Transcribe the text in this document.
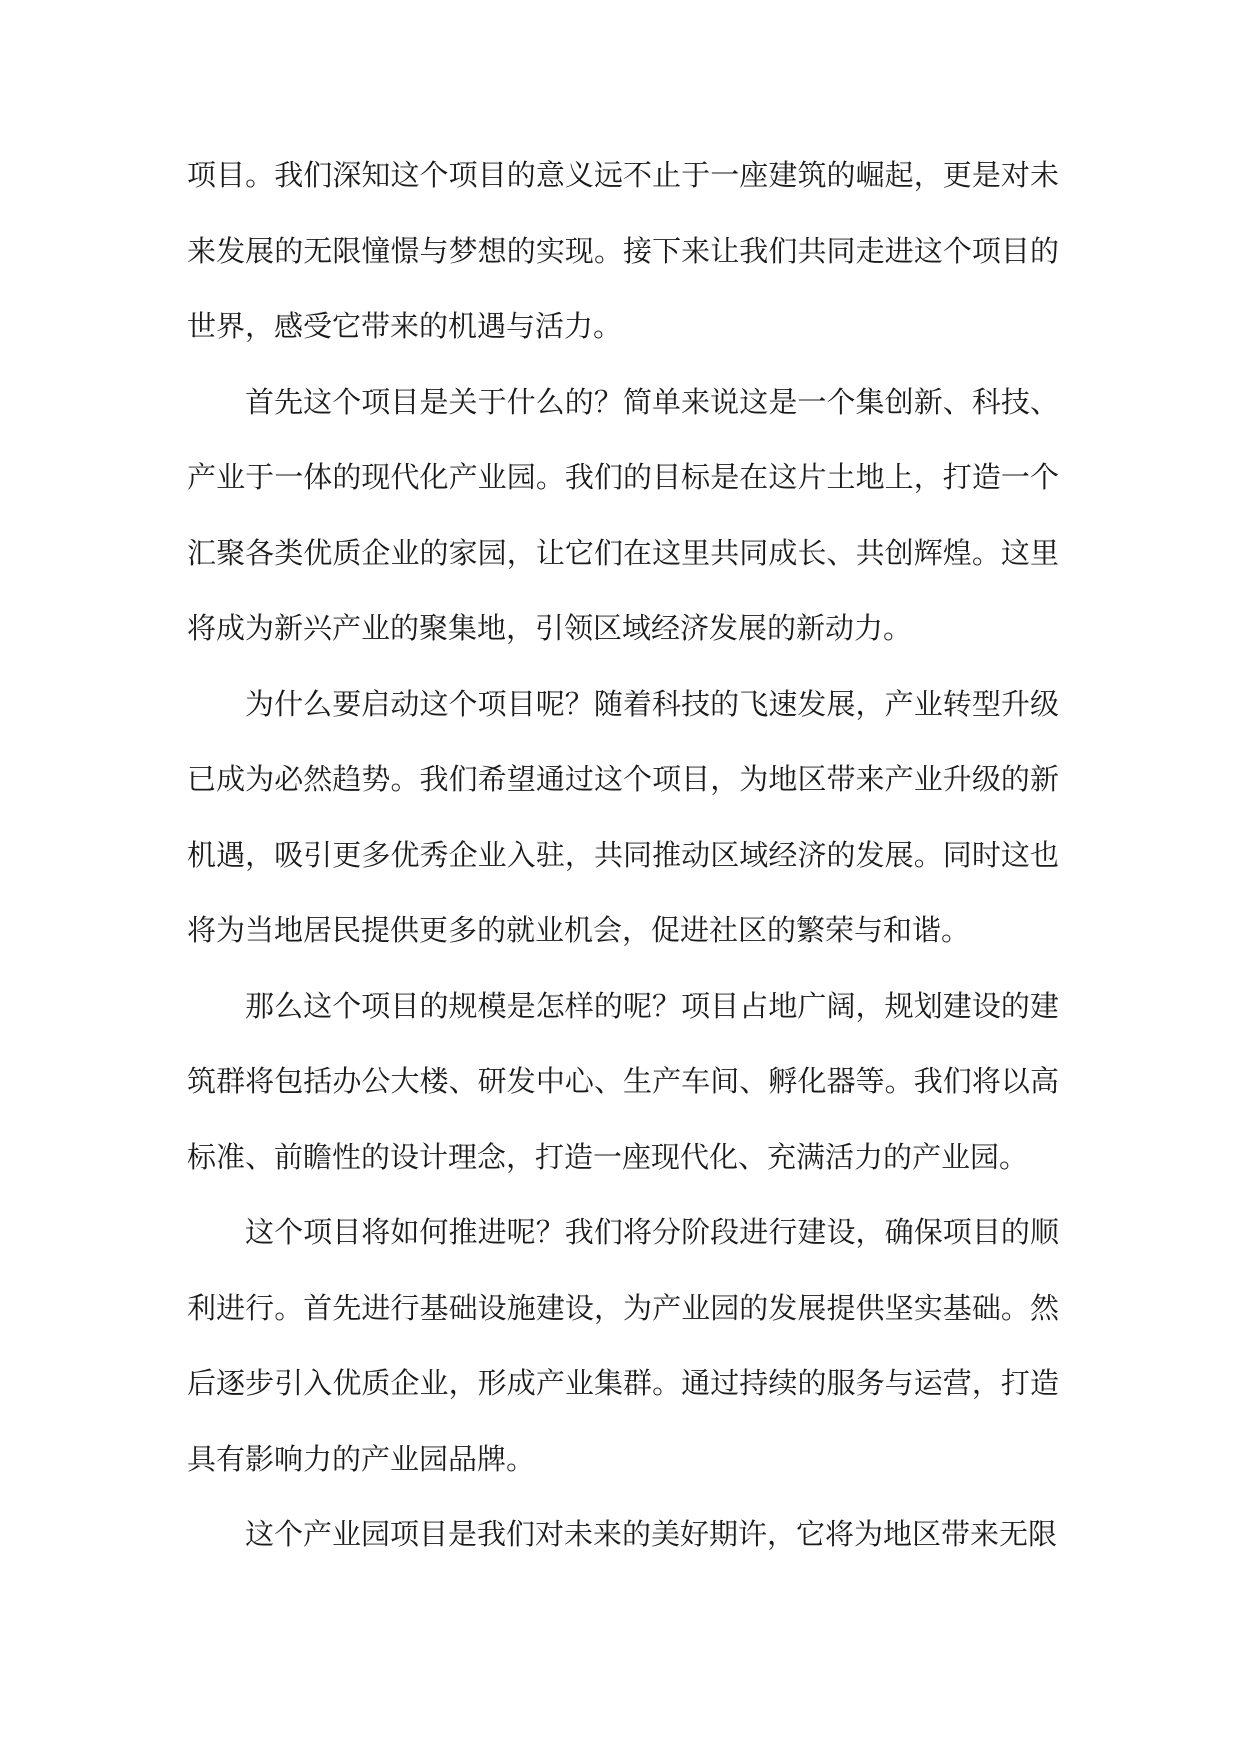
项目。我们深知这个项目的意义远不止于一座建筑的崛起，更是对未来发展的无限憧憬与梦想的实现。接下来让我们共同走进这个项目的世界，感受它带来的机遇与活力。

首先这个项目是关于什么的？简单来说这是一个集创新、科技、产业于一体的现代化产业园。我们的目标是在这片土地上，打造一个汇聚各类优质企业的家园，让它们在这里共同成长、共创辉煌。这里将成为新兴产业的聚集地，引领区域经济发展的新动力。

为什么要启动这个项目呢？随着科技的飞速发展，产业转型升级已成为必然趋势。我们希望通过这个项目，为地区带来产业升级的新机遇，吸引更多优秀企业入驻，共同推动区域经济的发展。同时这也将为当地居民提供更多的就业机会，促进社区的繁荣与和谐。

那么这个项目的规模是怎样的呢？项目占地广阔，规划建设的建筑群将包括办公大楼、研发中心、生产车间、孵化器等。我们将以高标准、前瞻性的设计理念，打造一座现代化、充满活力的产业园。

这个项目将如何推进呢？我们将分阶段进行建设，确保项目的顺利进行。首先进行基础设施建设，为产业园的发展提供坚实基础。然后逐步引入优质企业，形成产业集群。通过持续的服务与运营，打造具有影响力的产业园品牌。

这个产业园项目是我们对未来的美好期许，它将为地区带来无限
